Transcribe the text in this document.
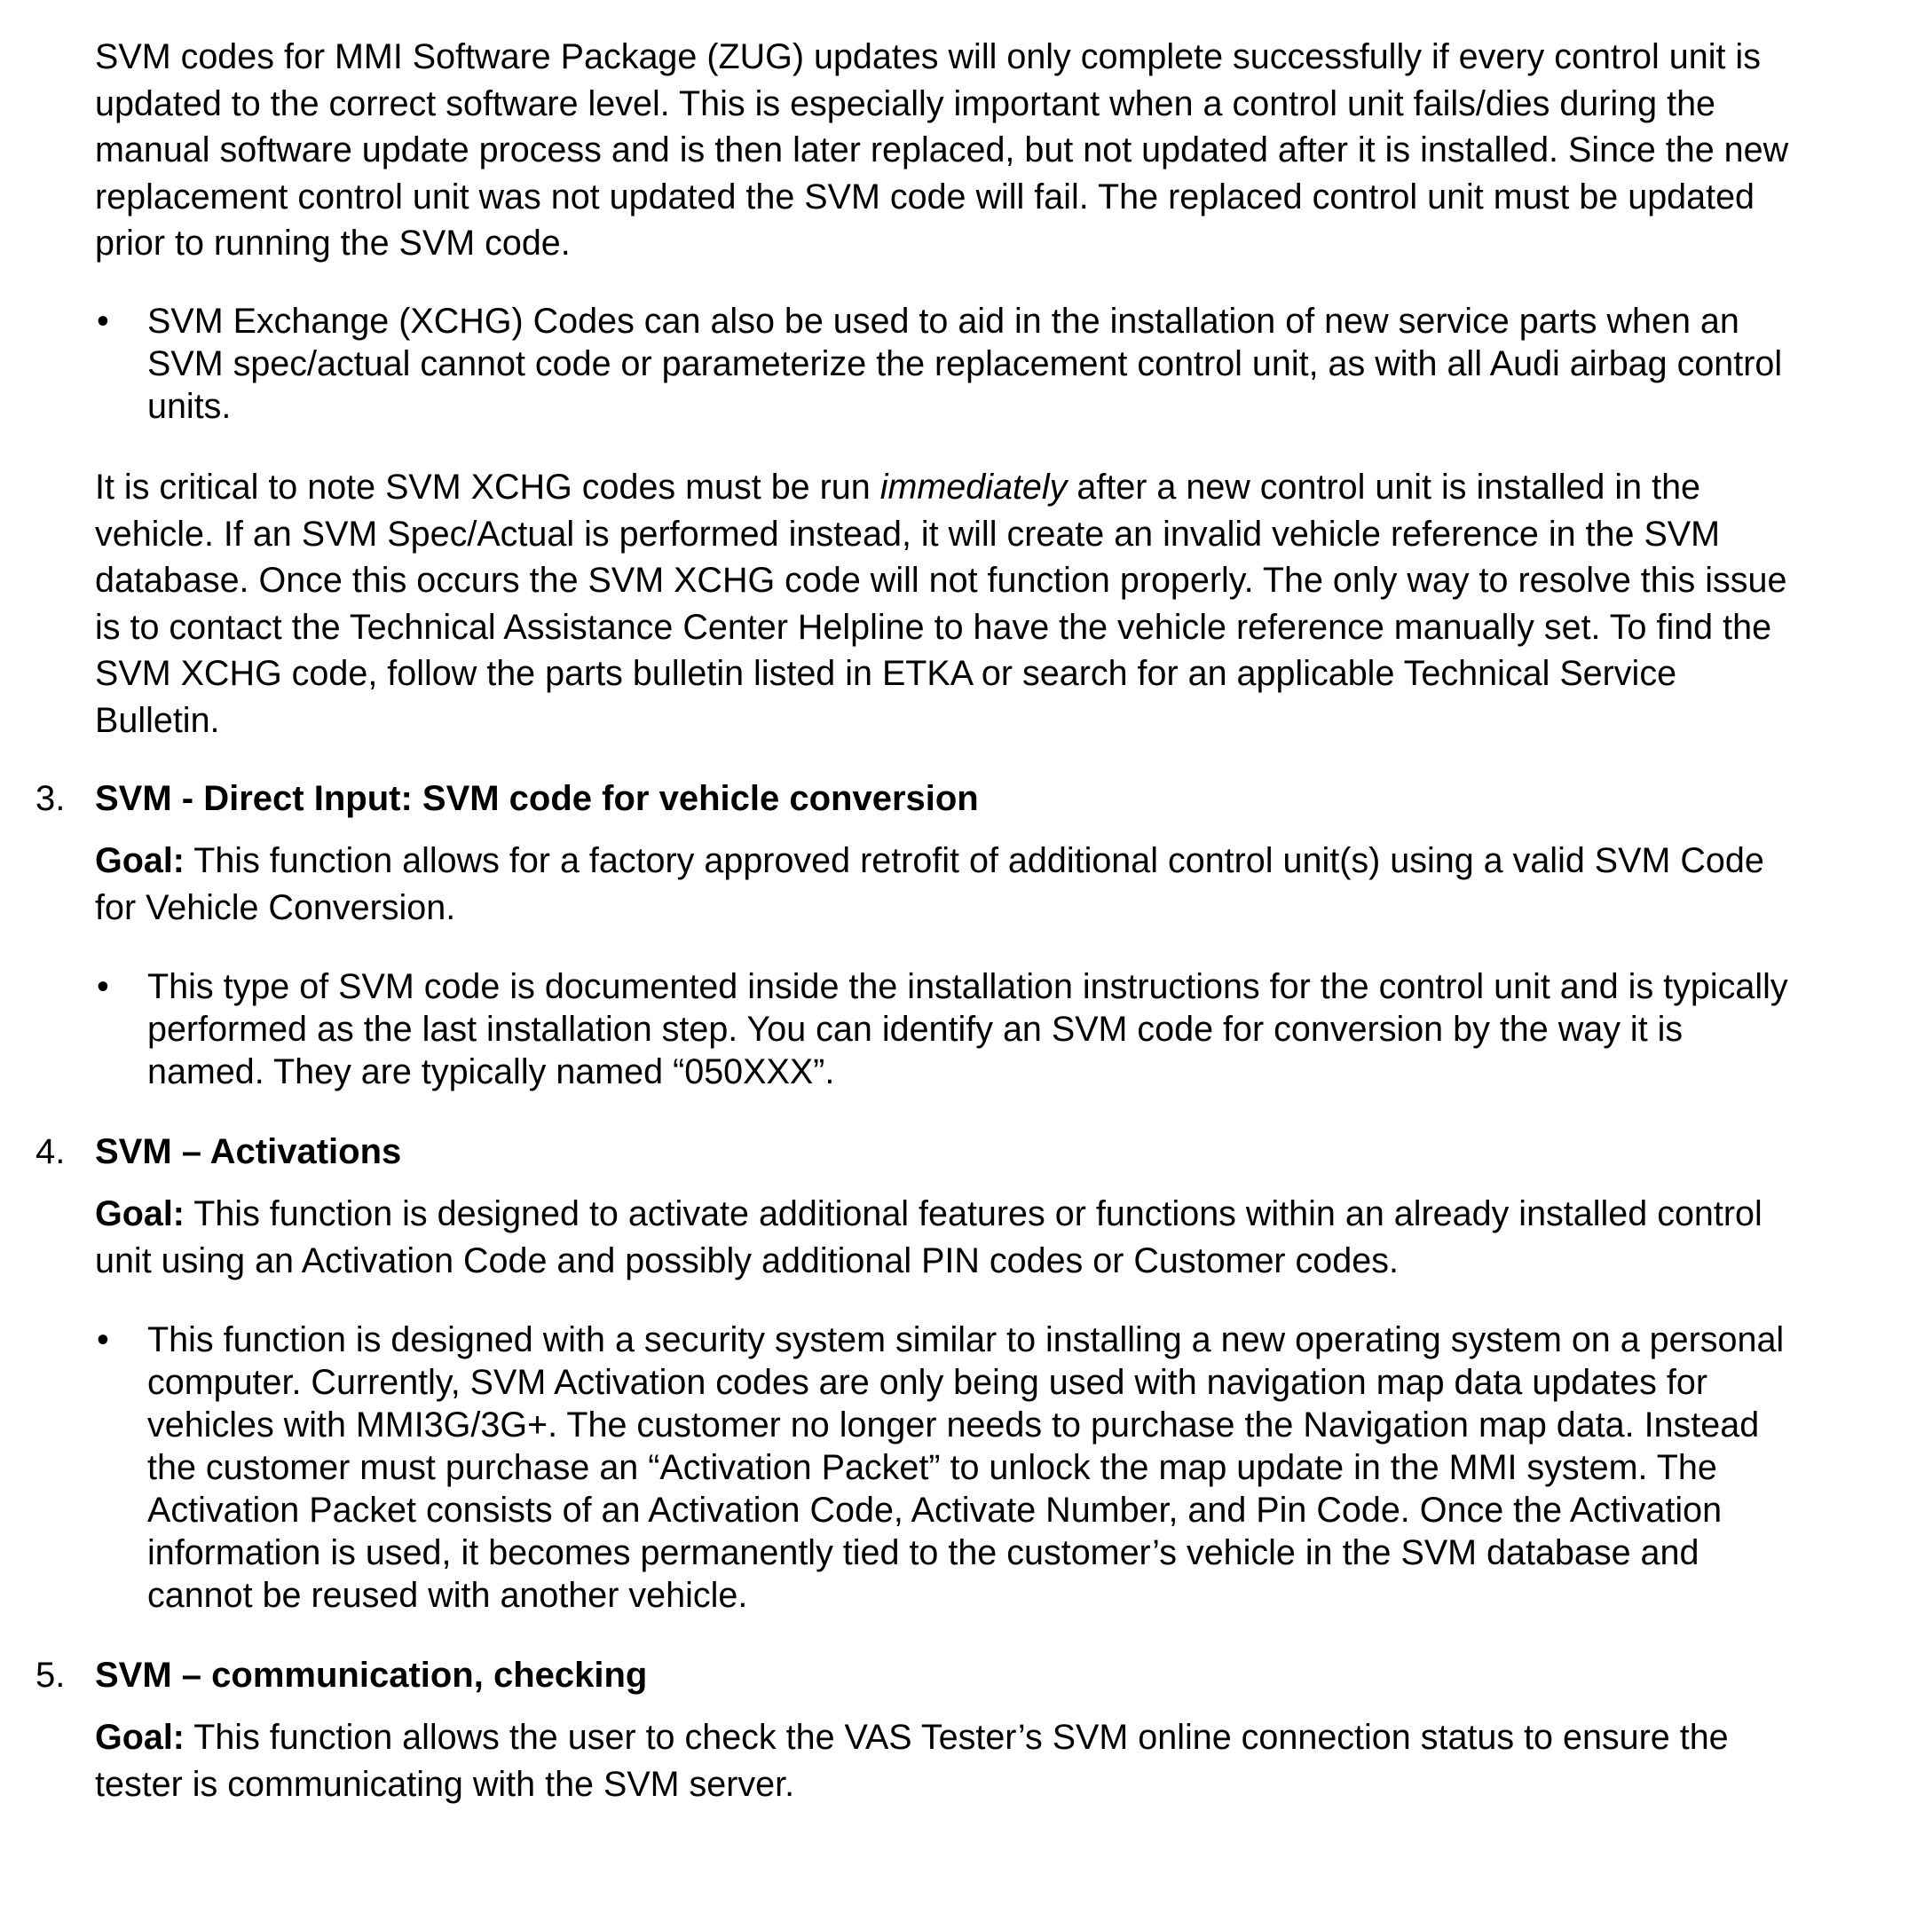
SVM codes for MMI Software Package (ZUG) updates will only complete successfully if every control unit is
updated to the correct software level. This is especially important when a control unit fails/dies during the
manual software update process and is then later replaced, but not updated after it is installed. Since the new
replacement control unit was not updated the SVM code will fail. The replaced control unit must be updated
prior to running the SVM code.
•	SVM Exchange (XCHG) Codes can also be used to aid in the installation of new service parts when an
SVM spec/actual cannot code or parameterize the replacement control unit, as with all Audi airbag control
units.
It is critical to note SVM XCHG codes must be run immediately after a new control unit is installed in the
vehicle. If an SVM Spec/Actual is performed instead, it will create an invalid vehicle reference in the SVM
database. Once this occurs the SVM XCHG code will not function properly. The only way to resolve this issue
is to contact the Technical Assistance Center Helpline to have the vehicle reference manually set. To find the
SVM XCHG code, follow the parts bulletin listed in ETKA or search for an applicable Technical Service
Bulletin.
3. SVM - Direct Input: SVM code for vehicle conversion
Goal: This function allows for a factory approved retrofit of additional control unit(s) using a valid SVM Code
for Vehicle Conversion.
•	This type of SVM code is documented inside the installation instructions for the control unit and is typically
performed as the last installation step. You can identify an SVM code for conversion by the way it is
named. They are typically named “050XXX”.
4. SVM – Activations
Goal: This function is designed to activate additional features or functions within an already installed control
unit using an Activation Code and possibly additional PIN codes or Customer codes.
•	This function is designed with a security system similar to installing a new operating system on a personal
computer. Currently, SVM Activation codes are only being used with navigation map data updates for
vehicles with MMI3G/3G+. The customer no longer needs to purchase the Navigation map data. Instead
the customer must purchase an “Activation Packet” to unlock the map update in the MMI system. The
Activation Packet consists of an Activation Code, Activate Number, and Pin Code. Once the Activation
information is used, it becomes permanently tied to the customer’s vehicle in the SVM database and
cannot be reused with another vehicle.
5. SVM – communication, checking
Goal: This function allows the user to check the VAS Tester’s SVM online connection status to ensure the
tester is communicating with the SVM server.
